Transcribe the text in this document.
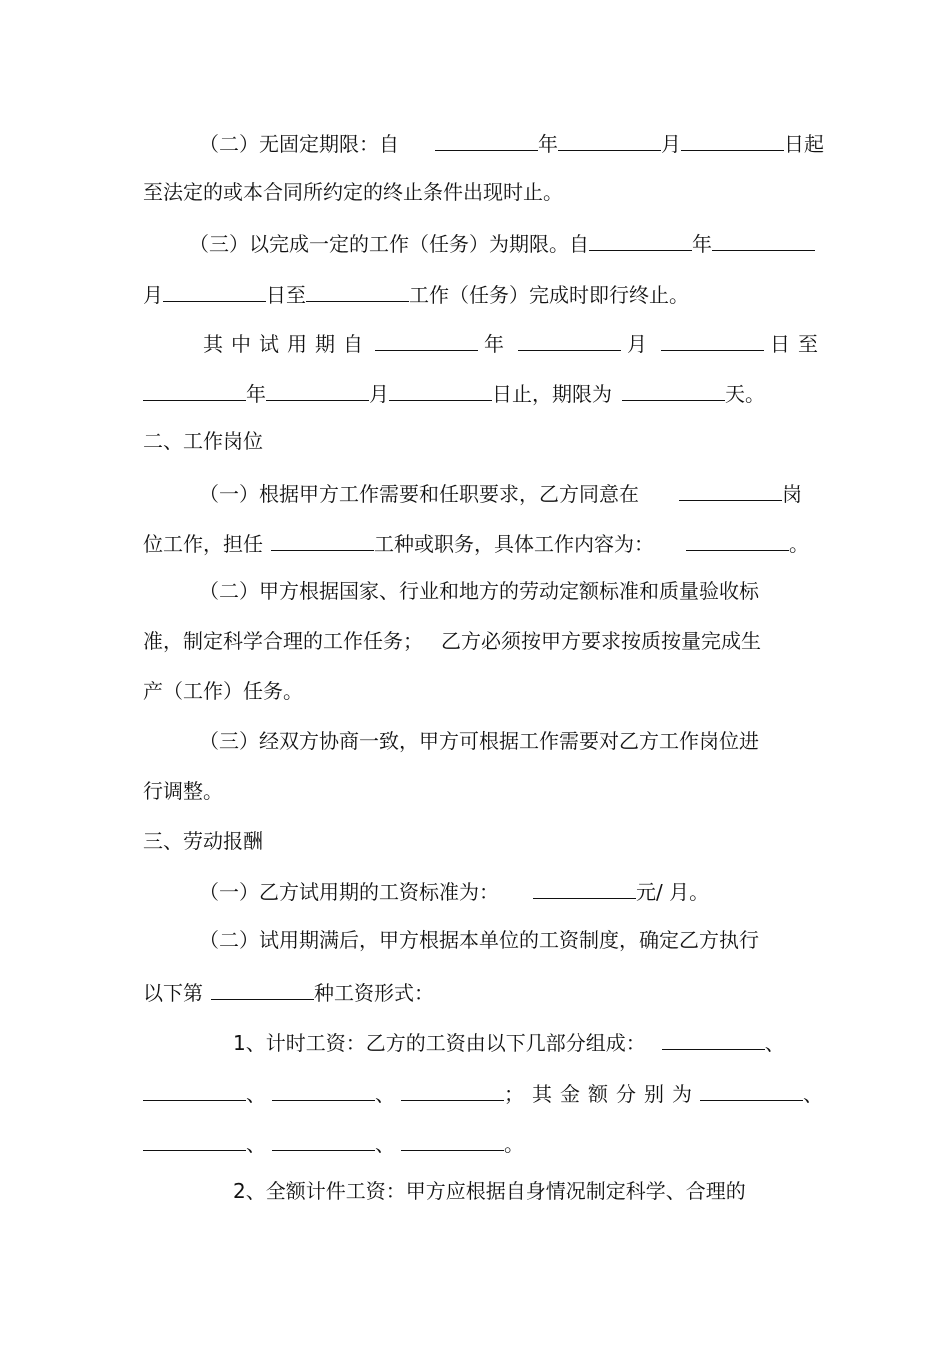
（二）无固定期限：自	年	月	日起
至法定的或本合同所约定的终止条件出现时止。
（三）以完成一定的工作（任务）为期限。自	年
月	日至	工作（任务）完成时即行终止。
其中试用期自	年	月	日至
年	月	日止，期限为	天。
二、工作岗位
（一）根据甲方工作需要和任职要求，乙方同意在	岗
位工作，担任	工种或职务，具体工作内容为：	。
（二）甲方根据国家、行业和地方的劳动定额标准和质量验收标
准，制定科学合理的工作任务； 乙方必须按甲方要求按质按量完成生
产（工作）任务。
（三）经双方协商一致，甲方可根据工作需要对乙方工作岗位进
行调整。
三、劳动报酬
（一）乙方试用期的工资标准为：	元/ 月。
（二）试用期满后，甲方根据本单位的工资制度，确定乙方执行
以下第	种工资形式：
1、计时工资：乙方的工资由以下几部分组成：	、
、	、	；其金额分别为	、
、	、	。
2、全额计件工资：甲方应根据自身情况制定科学、合理的
